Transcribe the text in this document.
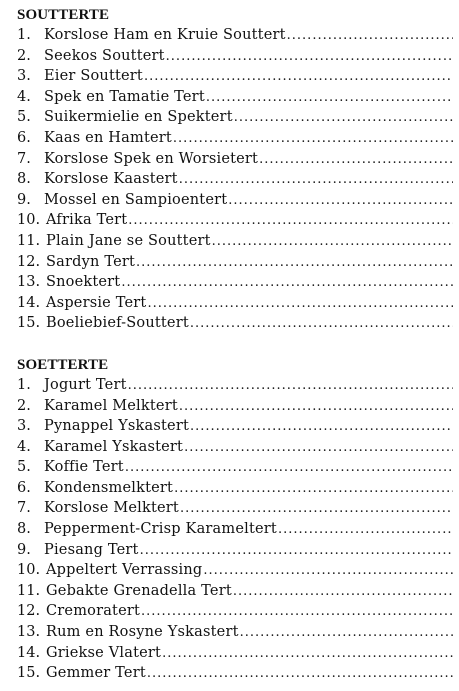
SOUTTERTE
1. Korslose Ham en Kruie Souttert
.....
2. Seekos Souttert
.....
3. Eier Souttert
.....
4. Spek en Tamatie Tert
.....
5. Suikermielie en Spektert
.....
6. Kaas en Hamtert
.....
7. Korslose Spek en Worsietert
.....
8. Korslose Kaastert
.....
9. Mossel en Sampioentert
.....
10. Afrika Tert
.....
11. Plain Jane se Souttert
.....
12. Sardyn Tert
.....
13. Snoektert
.....
14. Aspersie Tert
.....
15. Boeliebief-Souttert
.....
SOETTERTE
1. Jogurt Tert
.....
2. Karamel Melktert
.....
3. Pynappel Yskastert
.....
4. Karamel Yskastert
.....
5. Koffie Tert
.....
6. Kondensmelktert
.....
7. Korslose Melktert
.....
8. Pepperment-Crisp Karameltert
.....
9. Piesang Tert
.....
10. Appeltert Verrassing
.....
11. Gebakte Grenadella Tert
.....
12. Cremoratert
.....
13. Rum en Rosyne Yskastert
.....
14. Griekse Vlatert
.....
15. Gemmer Tert
.....
